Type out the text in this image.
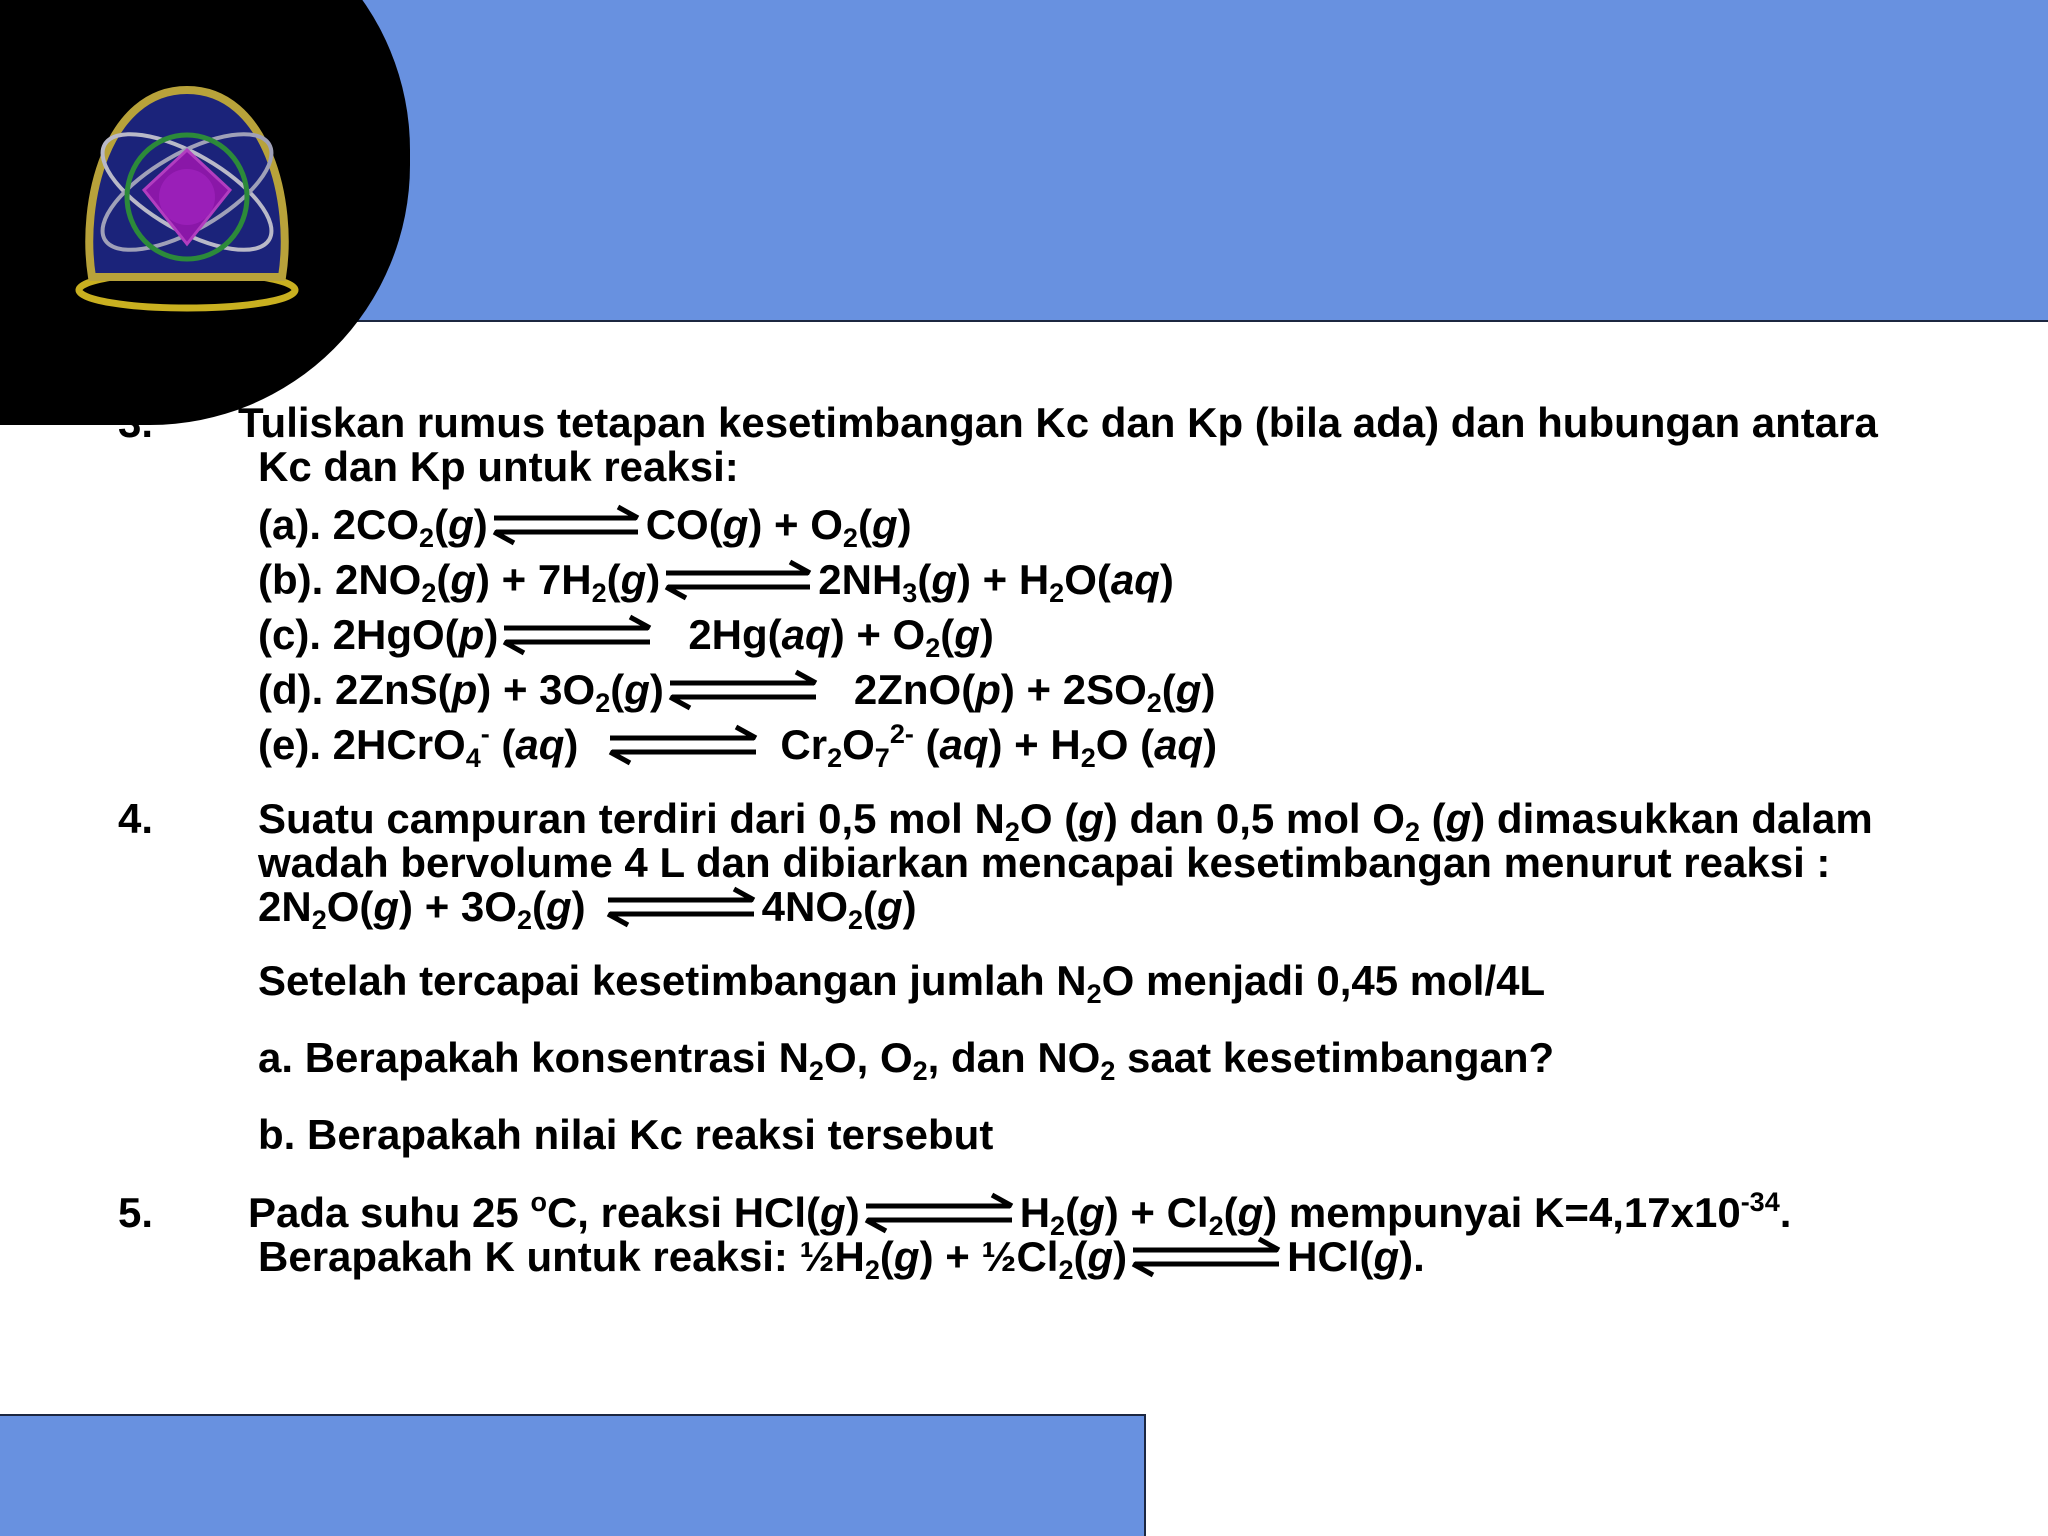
Tuliskan rumus tetapan kesetimbangan Kc dan Kp (bila ada) dan hubungan antara
Kc dan Kp untuk reaksi:
(a). $2CO_2(g)\rightleftharpoons CO(g) + O_2(g)$
(b). $2NO_2(g)$ + $7H_2(g)\rightleftharpoons 2NH_3(g) + H_2O(aq)$
(c). 2HgO(p)⇌ $2Hg(aq) + O_2(g)$
(d). $2ZnS(p) + 3O_2(g)\rightleftharpoons$ $2ZnO(p) + 2SO_2(g)$
(e). 2HCrO$_4$- (aq) ⇌ $Cr_2O_7^{2-}$ $(aq) + H_2O$ (aq)
4. Suatu campuran terdiri dari 0,5 mol $N_2O$ (g) dan 0,5 mol $O_2$ (g) dimasukkan dalam
wadah bervolume 4 L dan dibiarkan mencapai kesetimbangan menurut reaksi :
$2N_2O(g) + 3O_2(g)$ $\rightleftharpoons 4NO_2(g)$
Setelah tercapai kesetimbangan jumlah $N_2O$ menjadi 0,45 mol/4L
a. Berapakah konsentrasi $N_2O$, $O_2$, dan $NO_2$ saat kesetimbangan?
b. Berapakah nilai Kc reaksi tersebut
5. Pada suhu 25 $^o$C, reaksi $HCl(g)\rightleftharpoons H_2(g) + Cl_2(g)$ mempunyai $K=4,17x10^{-34}$.
Berapakah K untuk reaksi: $\frac{1}{2}H_2(g)$ + $\frac{1}{2}Cl_2(g)\rightleftharpoons HCl(g)$.
